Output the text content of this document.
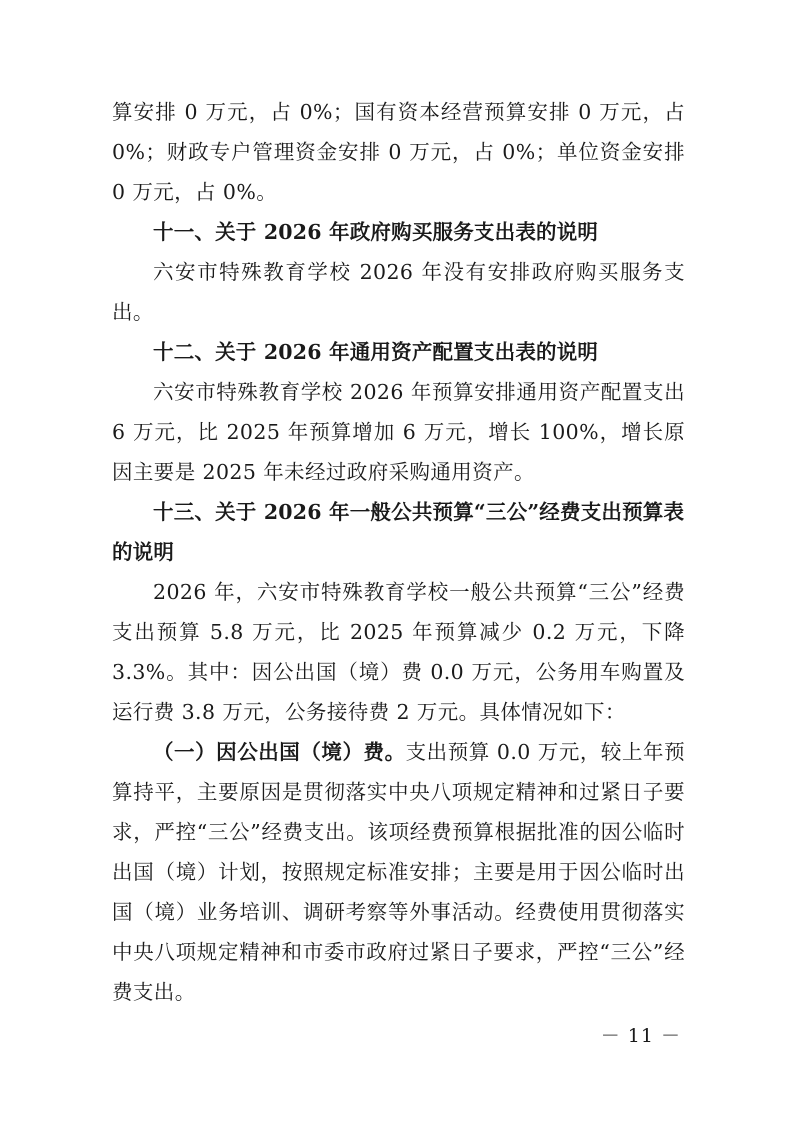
算安排 0 万元，占 0%；国有资本经营预算安排 0 万元，占 0%；财政专户管理资金安排 0 万元，占 0%；单位资金安排 0 万元，占 0%。

十一、关于 2026 年政府购买服务支出表的说明

六安市特殊教育学校 2026 年没有安排政府购买服务支出。

十二、关于 2026 年通用资产配置支出表的说明

六安市特殊教育学校 2026 年预算安排通用资产配置支出 6 万元，比 2025 年预算增加 6 万元，增长 100%，增长原因主要是 2025 年未经过政府采购通用资产。

十三、关于 2026 年一般公共预算“三公”经费支出预算表

的说明

2026 年，六安市特殊教育学校一般公共预算“三公”经费支出预算 5.8 万元，比 2025 年预算减少 0.2 万元，下降 3.3%。其中：因公出国（境）费 0.0 万元，公务用车购置及运行费 3.8 万元，公务接待费 2 万元。具体情况如下：

（一）因公出国（境）费。支出预算 0.0 万元，较上年预算持平，主要原因是贯彻落实中央八项规定精神和过紧日子要求，严控“三公”经费支出。该项经费预算根据批准的因公临时出国（境）计划，按照规定标准安排；主要是用于因公临时出国（境）业务培训、调研考察等外事活动。经费使用贯彻落实中央八项规定精神和市委市政府过紧日子要求，严控“三公”经费支出。

－ 11 －
